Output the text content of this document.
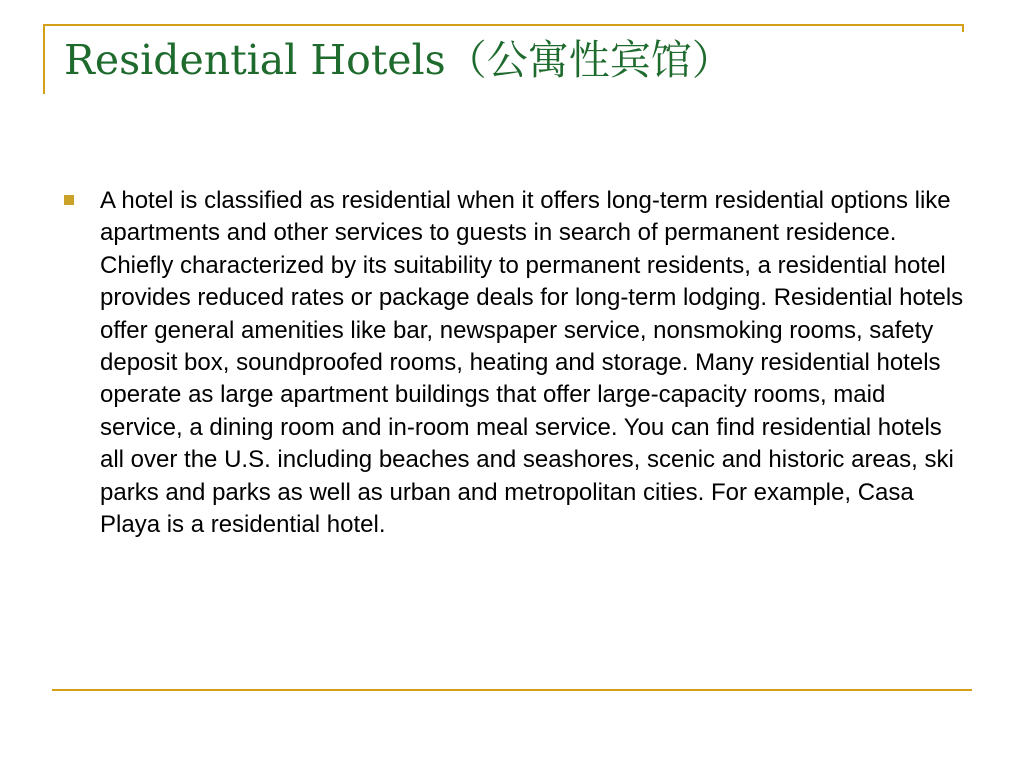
Residential Hotels（公寓性宾馆）

A hotel is classified as residential when it offers long-term residential options like apartments and other services to guests in search of permanent residence. Chiefly characterized by its suitability to permanent residents, a residential hotel provides reduced rates or package deals for long-term lodging. Residential hotels offer general amenities like bar, newspaper service, nonsmoking rooms, safety deposit box, soundproofed rooms, heating and storage. Many residential hotels operate as large apartment buildings that offer large-capacity rooms, maid service, a dining room and in-room meal service. You can find residential hotels all over the U.S. including beaches and seashores, scenic and historic areas, ski parks and parks as well as urban and metropolitan cities. For example, Casa Playa is a residential hotel.
